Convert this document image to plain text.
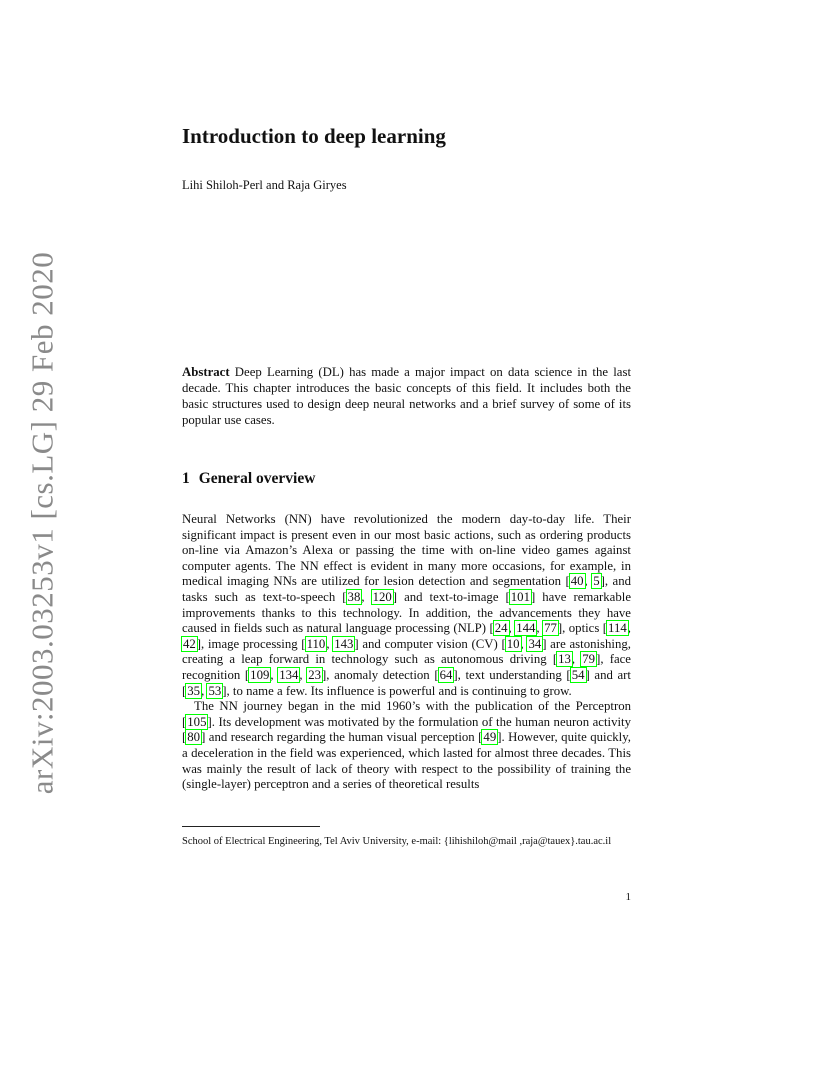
arXiv:2003.03253v1 [cs.LG] 29 Feb 2020
Introduction to deep learning
Lihi Shiloh-Perl and Raja Giryes

Abstract Deep Learning (DL) has made a major impact on data science in the last decade. This chapter introduces the basic concepts of this field. It includes both the basic structures used to design deep neural networks and a brief survey of some of its popular use cases.

1 General overview

Neural Networks (NN) have revolutionized the modern day-to-day life. Their significant impact is present even in our most basic actions, such as ordering products on-line via Amazon’s Alexa or passing the time with on-line video games against computer agents. The NN effect is evident in many more occasions, for example, in medical imaging NNs are utilized for lesion detection and segmentation [40, 5], and tasks such as text-to-speech [38, 120] and text-to-image [101] have remarkable improvements thanks to this technology. In addition, the advancements they have caused in fields such as natural language processing (NLP) [24, 144, 77], optics [114, 42], image processing [110, 143] and computer vision (CV) [10, 34] are astonishing, creating a leap forward in technology such as autonomous driving [13, 79], face recognition [109, 134, 23], anomaly detection [64], text understanding [54] and art [35, 53], to name a few. Its influence is powerful and is continuing to grow.

The NN journey began in the mid 1960’s with the publication of the Perceptron [105]. Its development was motivated by the formulation of the human neuron activity [80] and research regarding the human visual perception [49]. However, quite quickly, a deceleration in the field was experienced, which lasted for almost three decades. This was mainly the result of lack of theory with respect to the possibility of training the (single-layer) perceptron and a series of theoretical results

School of Electrical Engineering, Tel Aviv University, e-mail: {lihishiloh@mail ,raja@tauex}.tau.ac.il
1
